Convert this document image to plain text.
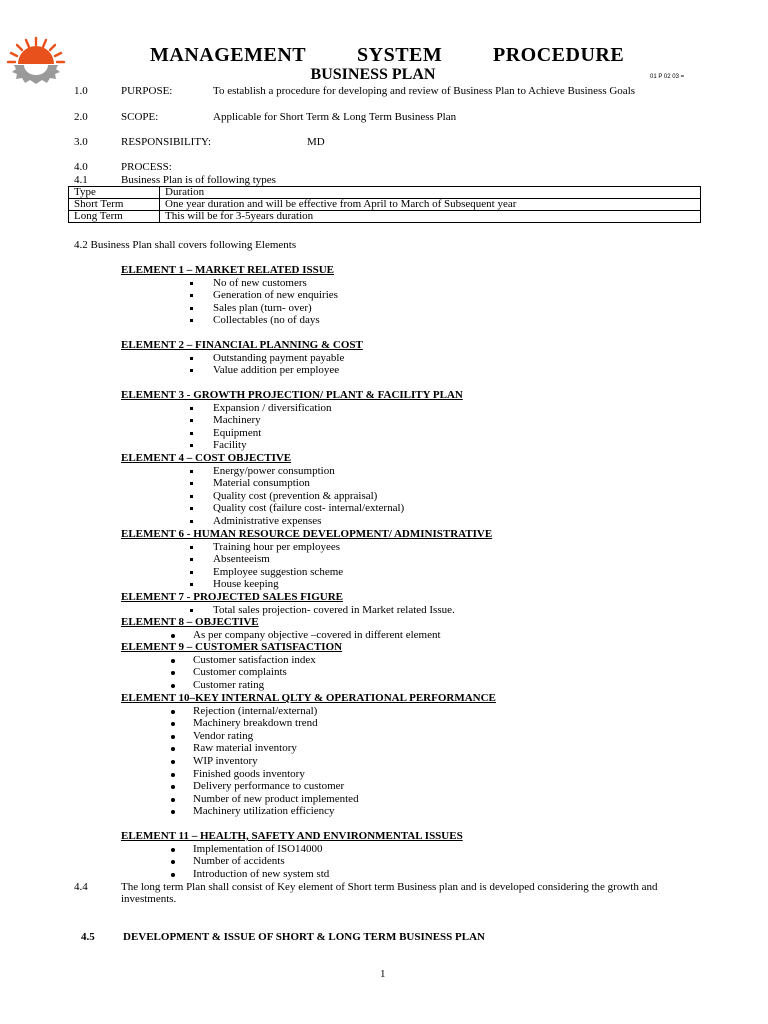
MANAGEMENT	SYSTEM	PROCEDURE
BUSINESS PLAN	01 P 02 03 =
1.0	PURPOSE:	To establish a procedure for developing and review of Business Plan to Achieve Business Goals
2.0	SCOPE:	Applicable for Short Term & Long Term Business Plan
3.0	RESPONSIBILITY:	MD
4.0	PROCESS:
4.1	Business Plan is of following types
Type	Duration
Short Term	One year duration and will be effective from April to March of Subsequent year
Long Term	This will be for 3-5years duration
4.2 Business Plan shall covers following Elements
ELEMENT 1 – MARKET RELATED ISSUE
No of new customers
Generation of new enquiries
Sales plan (turn- over)
Collectables (no of days
ELEMENT 2 – FINANCIAL PLANNING & COST
Outstanding payment payable
Value addition per employee
ELEMENT 3 - GROWTH PROJECTION/ PLANT & FACILITY PLAN
Expansion / diversification
Machinery
Equipment
Facility
ELEMENT 4 – COST OBJECTIVE
Energy/power consumption
Material consumption
Quality cost (prevention & appraisal)
Quality cost (failure cost- internal/external)
Administrative expenses
ELEMENT 6 - HUMAN RESOURCE DEVELOPMENT/ ADMINISTRATIVE
Training hour per employees
Absenteeism
Employee suggestion scheme
House keeping
ELEMENT 7 - PROJECTED SALES FIGURE
Total sales projection- covered in Market related Issue.
ELEMENT 8 – OBJECTIVE
As per company objective –covered in different element
ELEMENT 9 – CUSTOMER SATISFACTION
Customer satisfaction index
Customer complaints
Customer rating
ELEMENT 10–KEY INTERNAL QLTY & OPERATIONAL PERFORMANCE
Rejection (internal/external)
Machinery breakdown trend
Vendor rating
Raw material inventory
WIP inventory
Finished goods inventory
Delivery performance to customer
Number of new product implemented
Machinery utilization efficiency
ELEMENT 11 – HEALTH, SAFETY AND ENVIRONMENTAL ISSUES
Implementation of ISO14000
Number of accidents
Introduction of new system std
4.4	The long term Plan shall consist of Key element of Short term Business plan and is developed considering the growth and
investments.
4.5	DEVELOPMENT & ISSUE OF SHORT & LONG TERM BUSINESS PLAN
1
